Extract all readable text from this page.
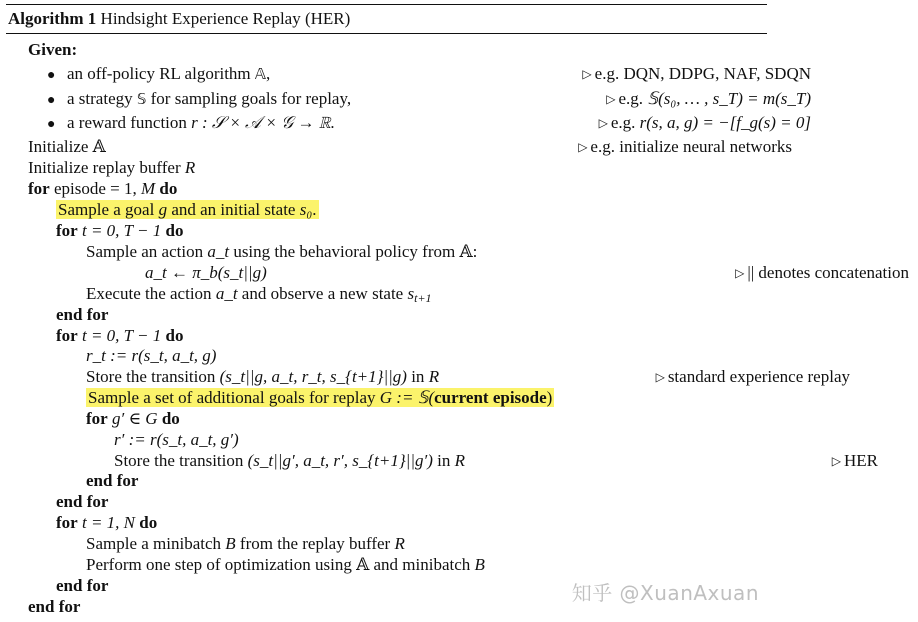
Algorithm 1 Hindsight Experience Replay (HER)
Given:
● an off-policy RL algorithm 𝔸,	▷ e.g. DQN, DDPG, NAF, SDQN
● a strategy 𝕊 for sampling goals for replay,	▷ e.g. 𝕊(s₀, … , s_T) = m(s_T)
● a reward function r : 𝒮 × 𝒜 × 𝒢 → ℝ.	▷ e.g. r(s, a, g) = −[f_g(s) = 0]
Initialize 𝔸	▷ e.g. initialize neural networks
Initialize replay buffer R
for episode = 1, M do
Sample a goal g and an initial state s₀.
for t = 0, T − 1 do
Sample an action a_t using the behavioral policy from 𝔸:
a_t ← π_b(s_t||g)	▷ || denotes concatenation
Execute the action a_t and observe a new state $s_{t+1}$
end for
for t = 0, T − 1 do
r_t := r(s_t, a_t, g)
Store the transition (s_t||g, a_t, r_t, s_{t+1}||g) in R	▷ standard experience replay
Sample a set of additional goals for replay G := 𝕊(current episode)
for g′ ∈ G do
r′ := r(s_t, a_t, g′)
Store the transition (s_t||g′, a_t, r′, s_{t+1}||g′) in R	▷ HER
end for
end for
for t = 1, N do
Sample a minibatch B from the replay buffer R
Perform one step of optimization using 𝔸 and minibatch B
end for
end for
知乎 @XuanAxuan
